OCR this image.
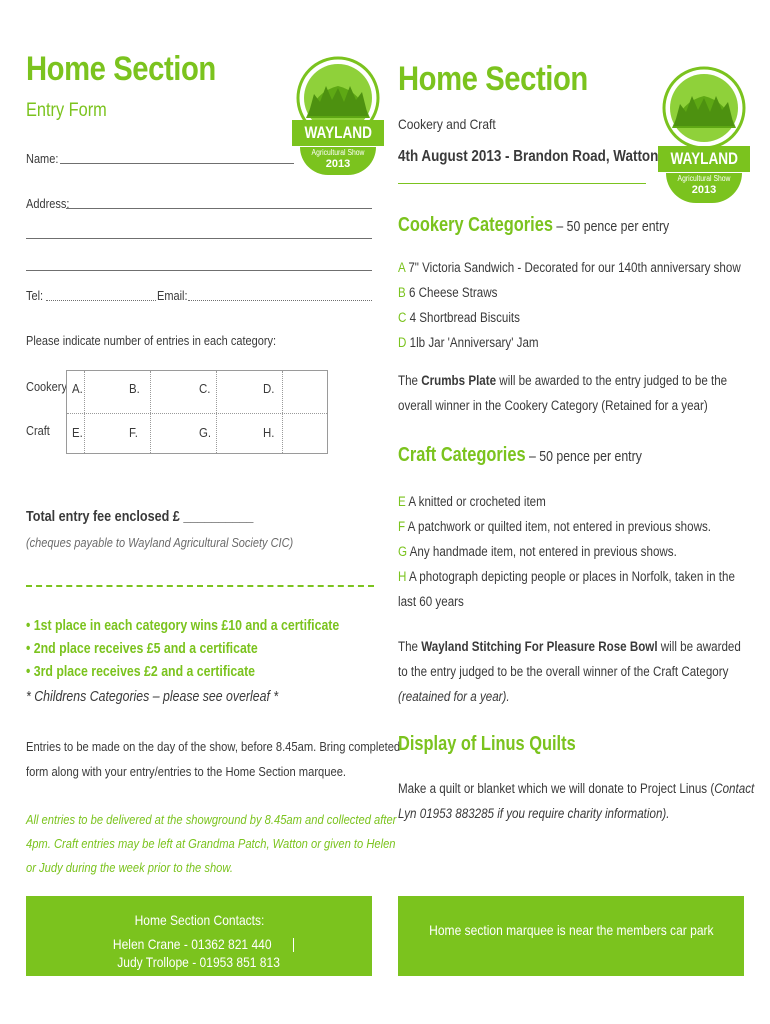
Home Section
Entry Form
WAYLAND
Agricultural Show
2013
Name:
Address:
Tel:	Email:
Please indicate number of entries in each category:
Cookery
Craft
A.	B.	C.	D.
E.	F.	G.	H.
Total entry fee enclosed £ __________
(cheques payable to Wayland Agricultural Society CIC)
• 1st place in each category wins £10 and a certificate
• 2nd place receives £5 and a certificate
• 3rd place receives £2 and a certificate
* Childrens Categories – please see overleaf *
Entries to be made on the day of the show, before 8.45am. Bring completed
form along with your entry/entries to the Home Section marquee.
All entries to be delivered at the showground by 8.45am and collected after
4pm. Craft entries may be left at Grandma Patch, Watton or given to Helen
or Judy during the week prior to the show.
Home Section Contacts:
Helen Crane - 01362 821 440  Judy Trollope - 01953 851 813
Home Section
Cookery and Craft
4th August 2013 - Brandon Road, Watton WAYLAND
Agricultural Show
2013
Cookery Categories – 50 pence per entry
A 7" Victoria Sandwich - Decorated for our 140th anniversary show
B 6 Cheese Straws
C 4 Shortbread Biscuits
D 1lb Jar 'Anniversary' Jam
The Crumbs Plate will be awarded to the entry judged to be the
overall winner in the Cookery Category (Retained for a year)
Craft Categories – 50 pence per entry
E A knitted or crocheted item
F A patchwork or quilted item, not entered in previous shows.
G Any handmade item, not entered in previous shows.
H A photograph depicting people or places in Norfolk, taken in the
last 60 years
The Wayland Stitching For Pleasure Rose Bowl will be awarded
to the entry judged to be the overall winner of the Craft Category
(reatained for a year).
Display of Linus Quilts
Make a quilt or blanket which we will donate to Project Linus (Contact
Lyn 01953 883285 if you require charity information).
Home section marquee is near the members car park
